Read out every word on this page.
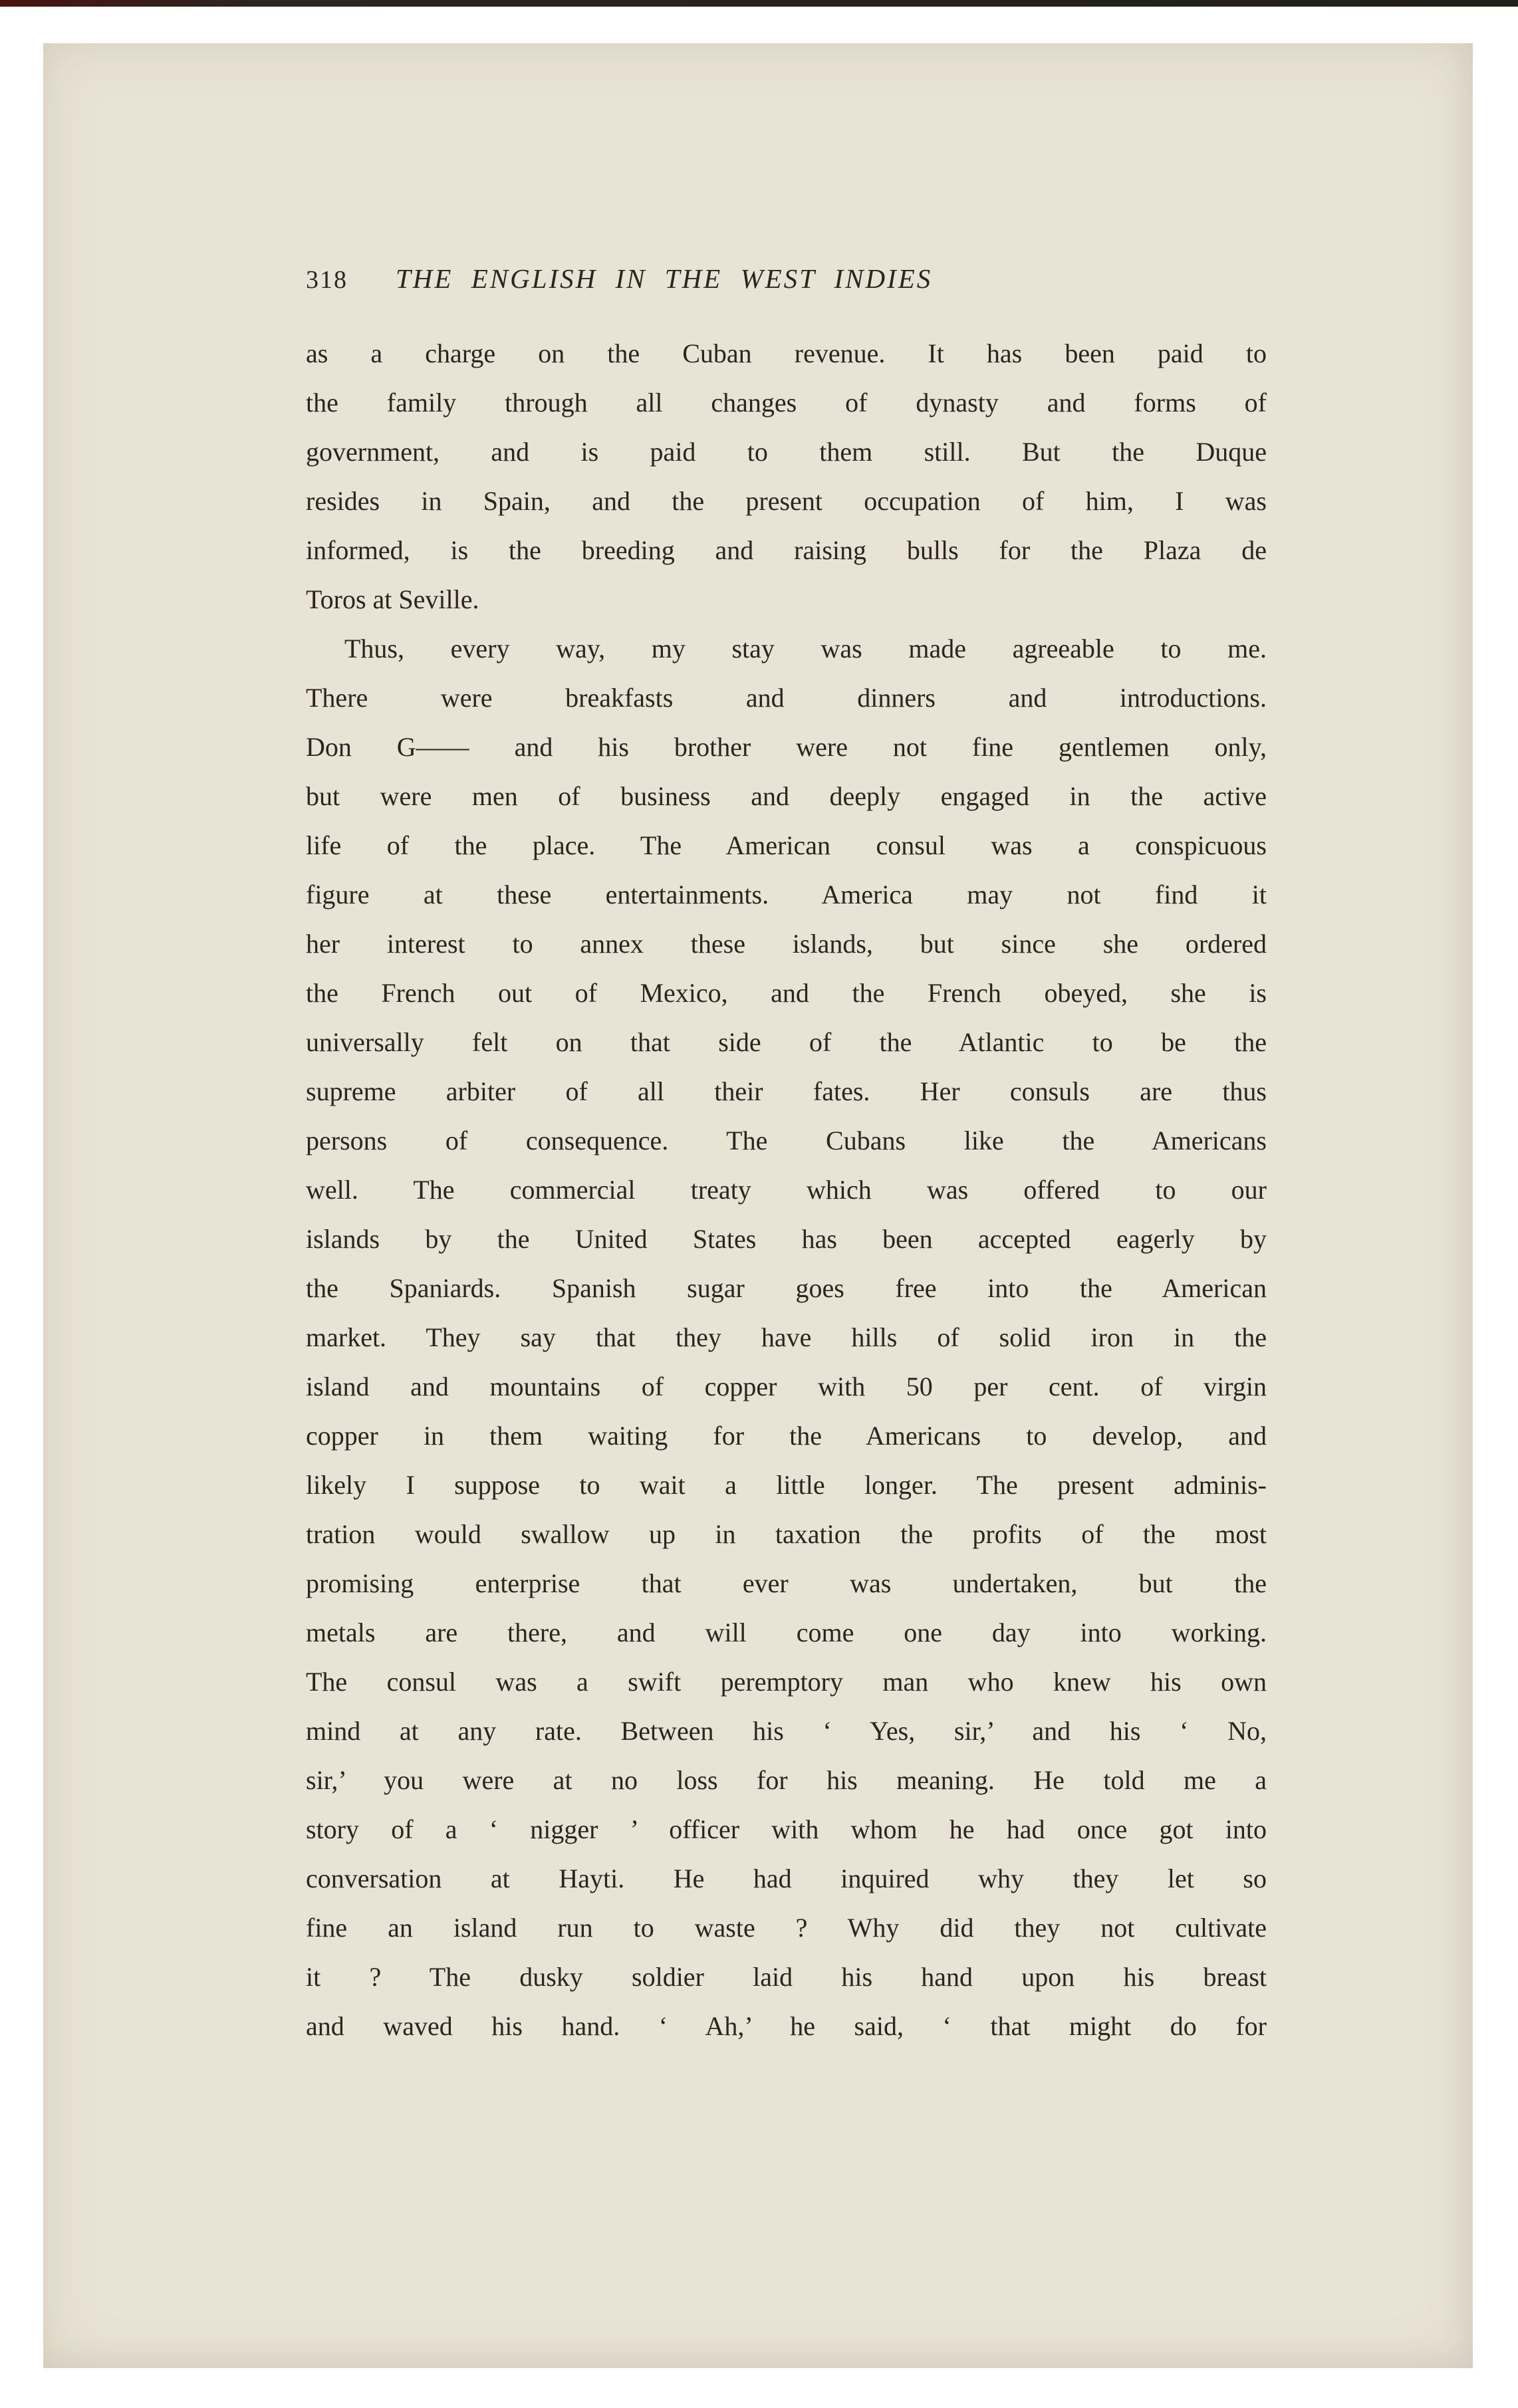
318 THE ENGLISH IN THE WEST INDIES
as a charge on the Cuban revenue. It has been paid to
the family through all changes of dynasty and forms of
government, and is paid to them still. But the Duque
resides in Spain, and the present occupation of him, I was
informed, is the breeding and raising bulls for the Plaza de
Toros at Seville.
Thus, every way, my stay was made agreeable to me.
There were breakfasts and dinners and introductions.
Don G—— and his brother were not fine gentlemen only,
but were men of business and deeply engaged in the active
life of the place. The American consul was a conspicuous
figure at these entertainments. America may not find it
her interest to annex these islands, but since she ordered
the French out of Mexico, and the French obeyed, she is
universally felt on that side of the Atlantic to be the
supreme arbiter of all their fates. Her consuls are thus
persons of consequence. The Cubans like the Americans
well. The commercial treaty which was offered to our
islands by the United States has been accepted eagerly by
the Spaniards. Spanish sugar goes free into the American
market. They say that they have hills of solid iron in the
island and mountains of copper with 50 per cent. of virgin
copper in them waiting for the Americans to develop, and
likely I suppose to wait a little longer. The present adminis-
tration would swallow up in taxation the profits of the most
promising enterprise that ever was undertaken, but the
metals are there, and will come one day into working.
The consul was a swift peremptory man who knew his own
mind at any rate. Between his ‘ Yes, sir,’ and his ‘ No,
sir,’ you were at no loss for his meaning. He told me a
story of a ‘ nigger ’ officer with whom he had once got into
conversation at Hayti. He had inquired why they let so
fine an island run to waste ? Why did they not cultivate
it ? The dusky soldier laid his hand upon his breast
and waved his hand. ‘ Ah,’ he said, ‘ that might do for
